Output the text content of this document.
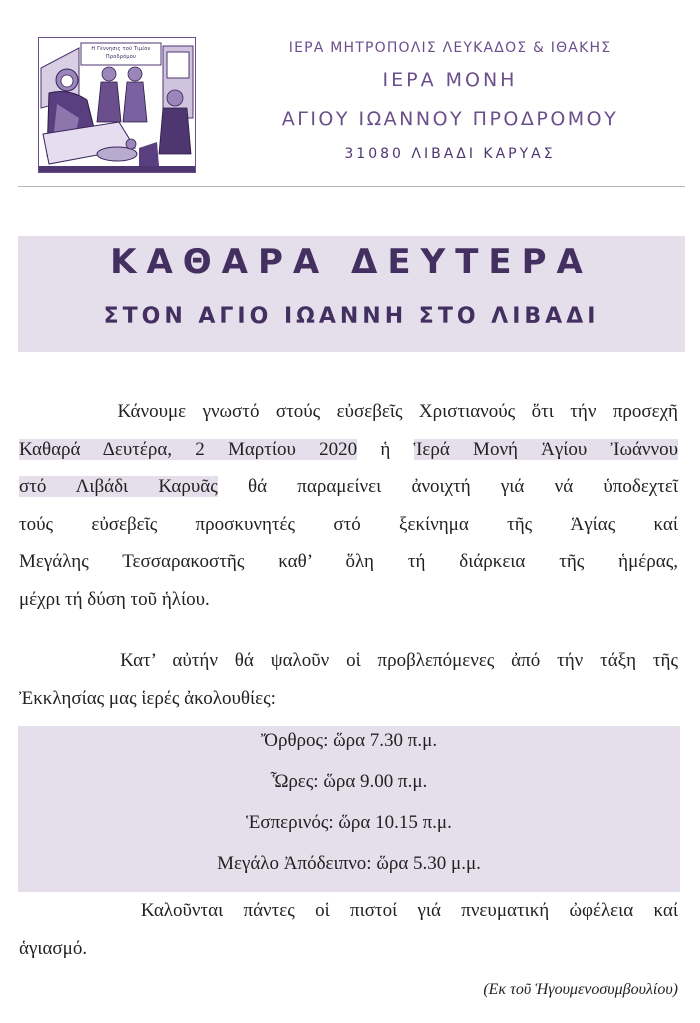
Η Γέννησις τοῦ Τιμίου Προδρόμου
ΙΕΡΑ ΜΗΤΡΟΠΟΛΙΣ ΛΕΥΚΑΔΟΣ & ΙΘΑΚΗΣ
ΙΕΡΑ ΜΟΝΗ
ΑΓΙΟΥ ΙΩΑΝΝΟΥ ΠΡΟΔΡΟΜΟΥ
31080 ΛΙΒΑΔΙ ΚΑΡΥΑΣ
ΚΑΘΑΡΑ ΔΕΥΤΕΡΑ
ΣΤΟΝ ΑΓΙΟ ΙΩΑΝΝΗ ΣΤΟ ΛΙΒΑΔΙ
Κάνουμε γνωστό στούς εὐσεβεῖς Χριστιανούς ὅτι τήν προσεχῆ
Καθαρά Δευτέρα, 2 Μαρτίου 2020 ἡ Ἱερά Μονή Ἁγίου Ἰωάννου
στό Λιβάδι Καρυᾶς θά παραμείνει ἀνοιχτή γιά νά ὑποδεχτεῖ
τούς εὐσεβεῖς προσκυνητές στό ξεκίνημα τῆς Ἁγίας καί
Μεγάλης Τεσσαρακοστῆς καθ’ ὅλη τή διάρκεια τῆς ἡμέρας,
μέχρι τή δύση τοῦ ἡλίου.
Κατ’ αὐτήν θά ψαλοῦν οἱ προβλεπόμενες ἀπό τήν τάξη τῆς
Ἐκκλησίας μας ἱερές ἀκολουθίες:
Ὄρθρος: ὥρα 7.30 π.μ.
Ὧρες: ὥρα 9.00 π.μ.
Ἑσπερινός: ὥρα 10.15 π.μ.
Μεγάλο Ἀπόδειπνο: ὥρα 5.30 μ.μ.
Καλοῦνται πάντες οἱ πιστοί γιά πνευματική ὠφέλεια καί
ἁγιασμό.
(Εκ τοῦ Ἡγουμενοσυμβουλίου)
